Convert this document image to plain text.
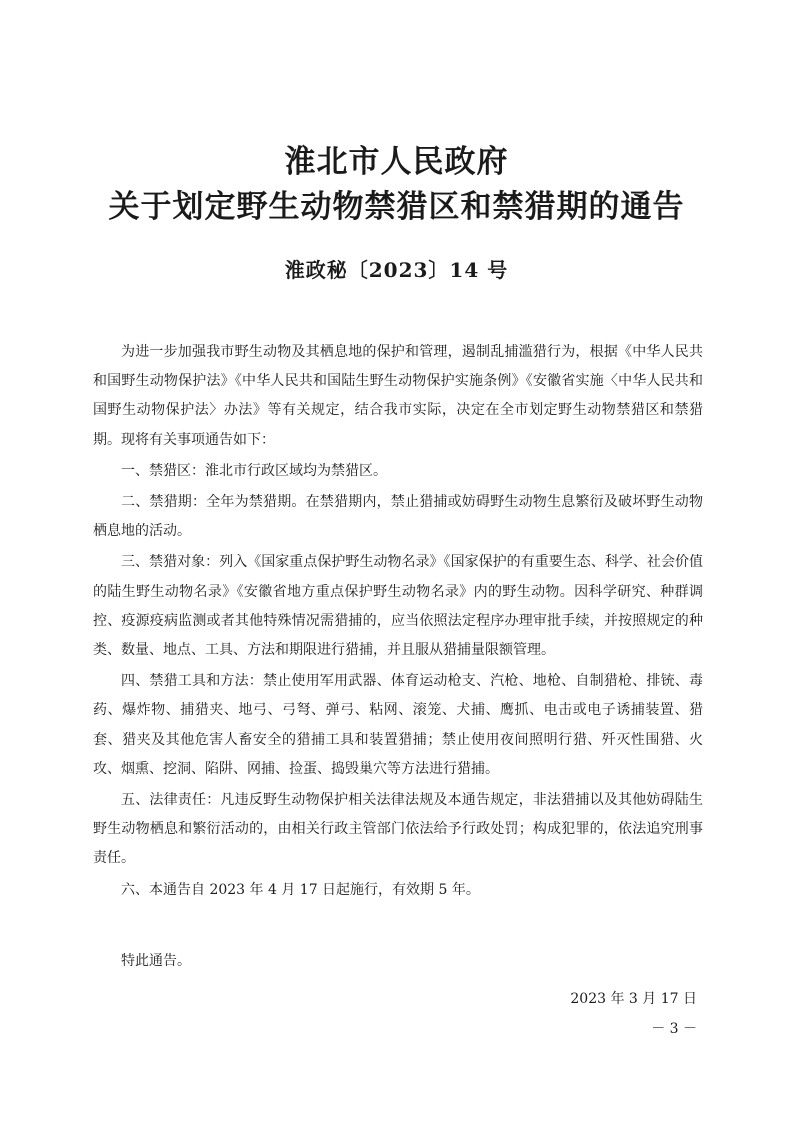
淮北市人民政府
关于划定野生动物禁猎区和禁猎期的通告
淮政秘〔2023〕14 号

为进一步加强我市野生动物及其栖息地的保护和管理，遏制乱捕滥猎行为，根据《中华人民共和国野生动物保护法》《中华人民共和国陆生野生动物保护实施条例》《安徽省实施〈中华人民共和国野生动物保护法〉办法》等有关规定，结合我市实际，决定在全市划定野生动物禁猎区和禁猎期。现将有关事项通告如下：

一、禁猎区：淮北市行政区域均为禁猎区。

二、禁猎期：全年为禁猎期。在禁猎期内，禁止猎捕或妨碍野生动物生息繁衍及破坏野生动物栖息地的活动。

三、禁猎对象：列入《国家重点保护野生动物名录》《国家保护的有重要生态、科学、社会价值的陆生野生动物名录》《安徽省地方重点保护野生动物名录》内的野生动物。因科学研究、种群调控、疫源疫病监测或者其他特殊情况需猎捕的，应当依照法定程序办理审批手续，并按照规定的种类、数量、地点、工具、方法和期限进行猎捕，并且服从猎捕量限额管理。

四、禁猎工具和方法：禁止使用军用武器、体育运动枪支、汽枪、地枪、自制猎枪、排铳、毒药、爆炸物、捕猎夹、地弓、弓弩、弹弓、粘网、滚笼、犬捕、鹰抓、电击或电子诱捕装置、猎套、猎夹及其他危害人畜安全的猎捕工具和装置猎捕；禁止使用夜间照明行猎、歼灭性围猎、火攻、烟熏、挖洞、陷阱、网捕、捡蛋、捣毁巢穴等方法进行猎捕。

五、法律责任：凡违反野生动物保护相关法律法规及本通告规定，非法猎捕以及其他妨碍陆生野生动物栖息和繁衍活动的，由相关行政主管部门依法给予行政处罚；构成犯罪的，依法追究刑事责任。

六、本通告自 2023 年 4 月 17 日起施行，有效期 5 年。

特此通告。

2023 年 3 月 17 日
－ 3 －
